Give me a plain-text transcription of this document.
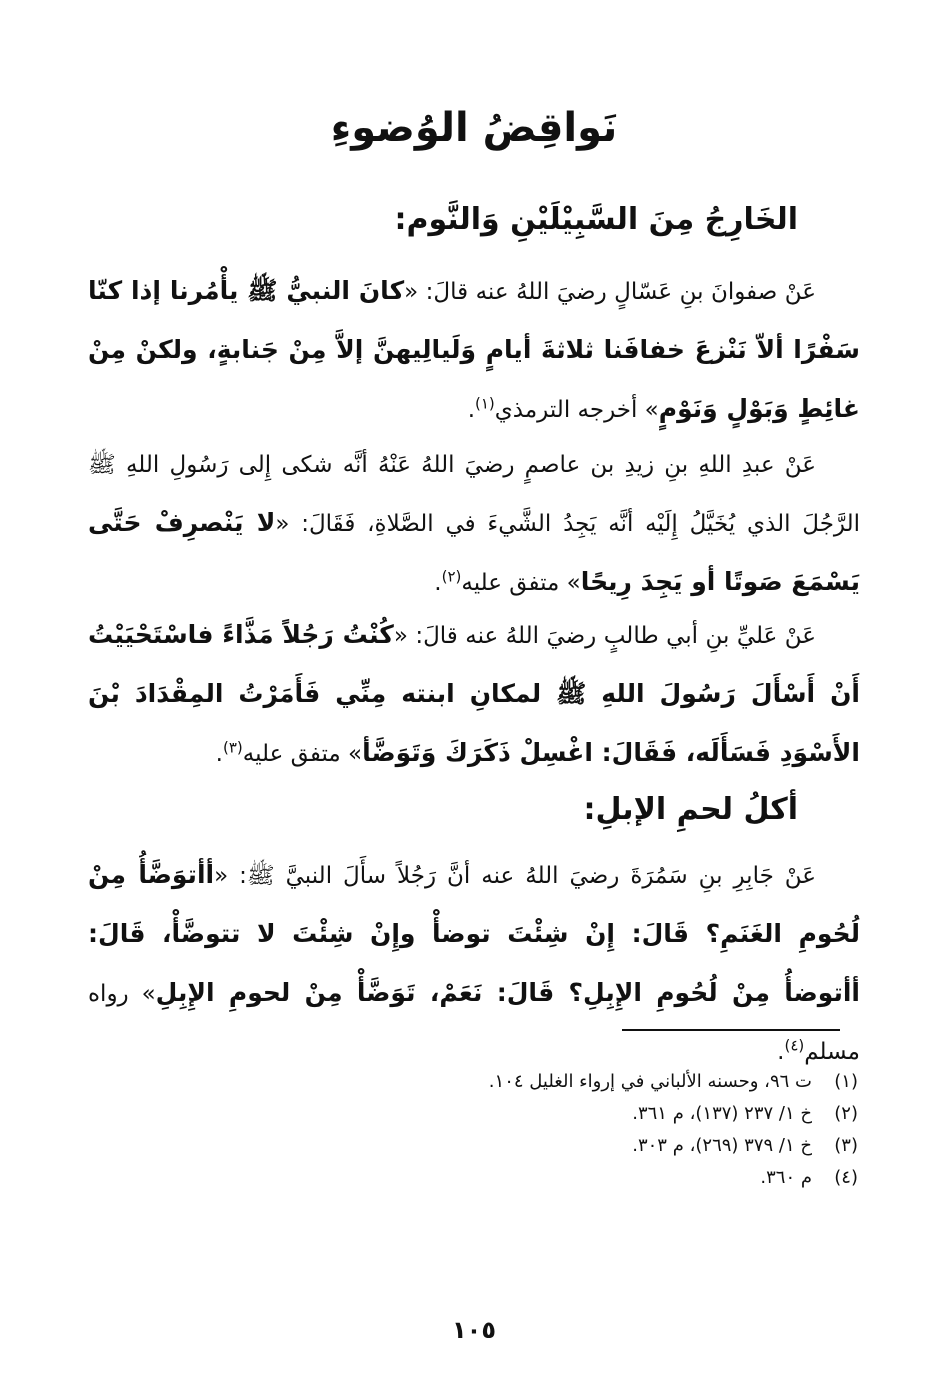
نَواقِضُ الوُضوءِ
الخَارِجُ مِنَ السَّبِيْلَيْنِ وَالنَّوم:
عَنْ صفوانَ بنِ عَسّالٍ رضيَ اللهُ عنه قالَ: «كانَ النبيُّ ﷺ يأْمُرنا إذا كنّا سَفْرًا ألاّ نَنْزعَ خفافَنا ثلاثةَ أيامٍ وَلَيالِيهنَّ إلاَّ مِنْ جَنابةٍ، ولكنْ مِنْ غائِطٍ وَبَوْلٍ وَنَوْمٍ» أخرجه الترمذي$^{(١)}$.
عَنْ عبدِ اللهِ بنِ زيدِ بن عاصمٍ رضيَ اللهُ عَنْهُ أنَّه شكى إِلى رَسُولِ اللهِ ﷺ الرَّجُلَ الذي يُخَيَّلُ إِلَيْه أنَّه يَجِدُ الشَّيءَ في الصَّلاةِ، فَقَالَ: «لا يَنْصرِفْ حَتَّى يَسْمَعَ صَوتًا أو يَجِدَ رِيحًا» متفق عليه$^{(٢)}$.
عَنْ عَليِّ بنِ أبي طالبٍ رضيَ اللهُ عنه قالَ: «كُنْتُ رَجُلاً مَذَّاءً فاسْتَحْيَيْتُ أَنْ أَسْأَلَ رَسُولَ اللهِ ﷺ لمكانِ ابنته مِنِّي فَأَمَرْتُ المِقْدَادَ بْنَ الأَسْوَدِ فَسَأَلَه، فَقَالَ: اغْسِلْ ذَكَرَكَ وَتَوَضَّأ» متفق عليه$^{(٣)}$.
أكلُ لحمِ الإبلِ:
عَنْ جَابِرِ بنِ سَمُرَةَ رضيَ اللهُ عنه أنَّ رَجُلاً سأَلَ النبيَّ ﷺ: «أأتوَضَّأُ مِنْ لُحُومِ الغَنَمِ؟ قَالَ: إِنْ شِئْتَ توضأْ وإِنْ شِئْتَ لا تتوضَّأْ، قَالَ: أأتوضأُ مِنْ لُحُومِ الإِبِلِ؟ قَالَ: نَعَمْ، تَوَضَّأْ مِنْ لحومِ الإِبِلِ» رواه مسلم$^{(٤)}$.
(١)ت ٩٦، وحسنه الألباني في إرواء الغليل ١٠٤.
(٢)خ ١/ ٢٣٧ (١٣٧)، م ٣٦١.
(٣)خ ١/ ٣٧٩ (٢٦٩)، م ٣٠٣.
(٤)م ٣٦٠.
١٠٥
